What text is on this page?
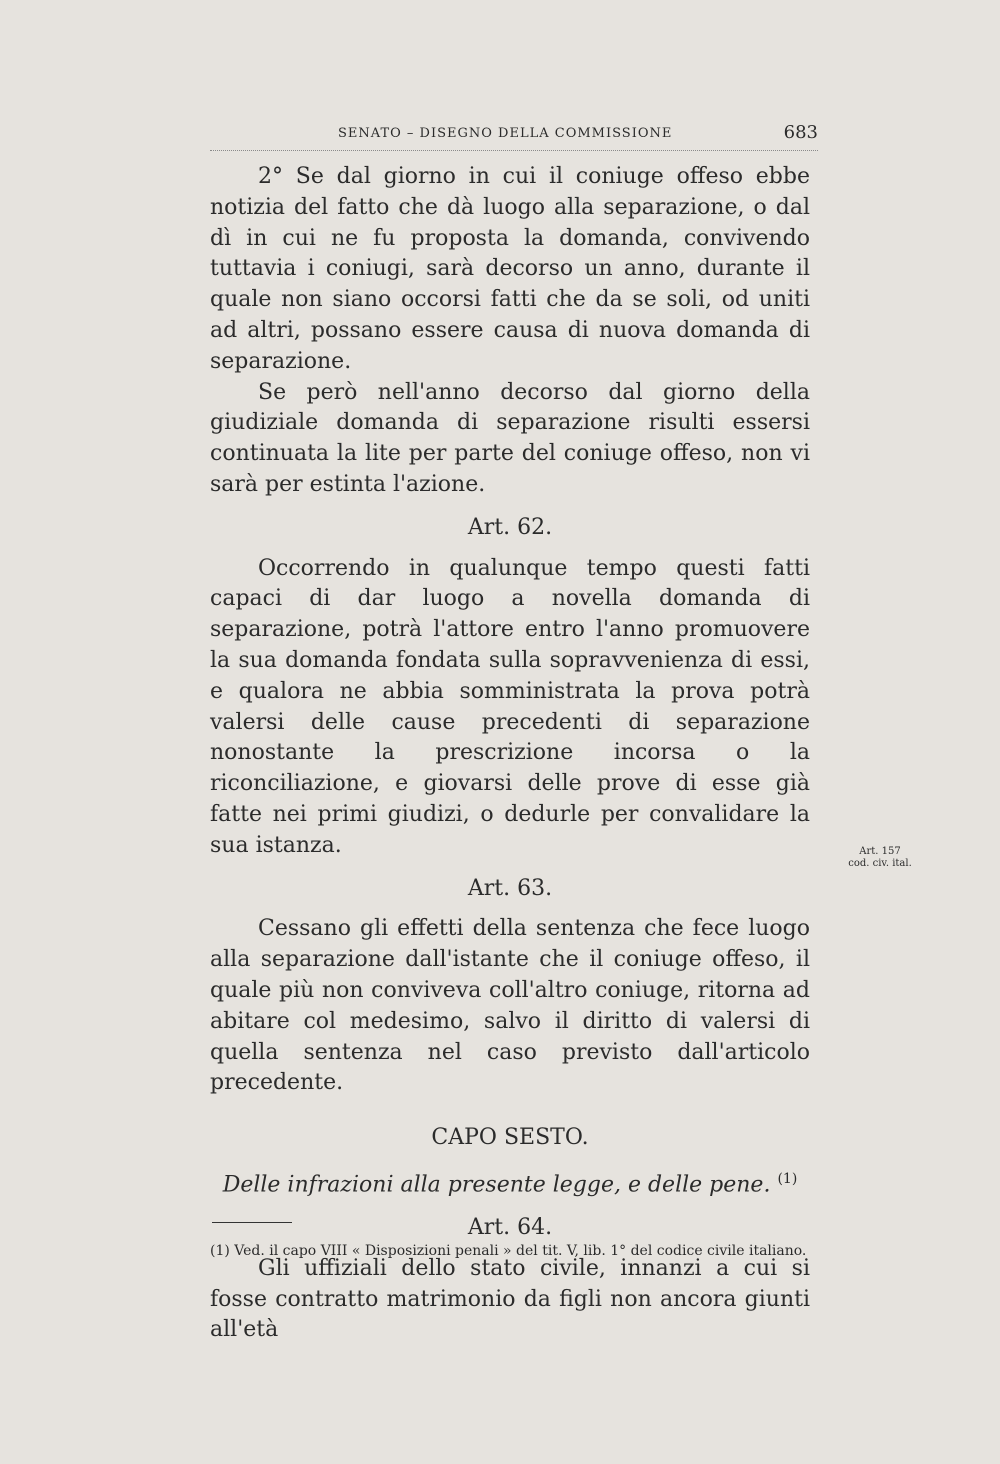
SENATO – DISEGNO DELLA COMMISSIONE	683

2° Se dal giorno in cui il coniuge offeso ebbe notizia del fatto che dà luogo alla separazione, o dal dì in cui ne fu proposta la domanda, convivendo tuttavia i coniugi, sarà decorso un anno, durante il quale non siano occorsi fatti che da se soli, od uniti ad altri, possano essere causa di nuova domanda di separazione.

Se però nell'anno decorso dal giorno della giudiziale domanda di separazione risulti essersi continuata la lite per parte del coniuge offeso, non vi sarà per estinta l'azione.

Art. 62.

Occorrendo in qualunque tempo questi fatti capaci di dar luogo a novella domanda di separazione, potrà l'attore entro l'anno promuovere la sua domanda fondata sulla sopravvenienza di essi, e qualora ne abbia somministrata la prova potrà valersi delle cause precedenti di separazione nonostante la prescrizione incorsa o la riconciliazione, e giovarsi delle prove di esse già fatte nei primi giudizi, o dedurle per convalidare la sua istanza.

Art. 63.

Cessano gli effetti della sentenza che fece luogo alla separazione dall'istante che il coniuge offeso, il quale più non conviveva coll'altro coniuge, ritorna ad abitare col medesimo, salvo il diritto di valersi di quella sentenza nel caso previsto dall'articolo precedente.

CAPO SESTO.
Delle infrazioni alla presente legge, e delle pene. $^{(1)}$
Art. 64.

Gli uffiziali dello stato civile, innanzi a cui si fosse contratto matrimonio da figli non ancora giunti all'età

Art. 157
cod. civ. ital.
(1) Ved. il capo VIII « Disposizioni penali » del tit. V, lib. 1° del codice civile italiano.
